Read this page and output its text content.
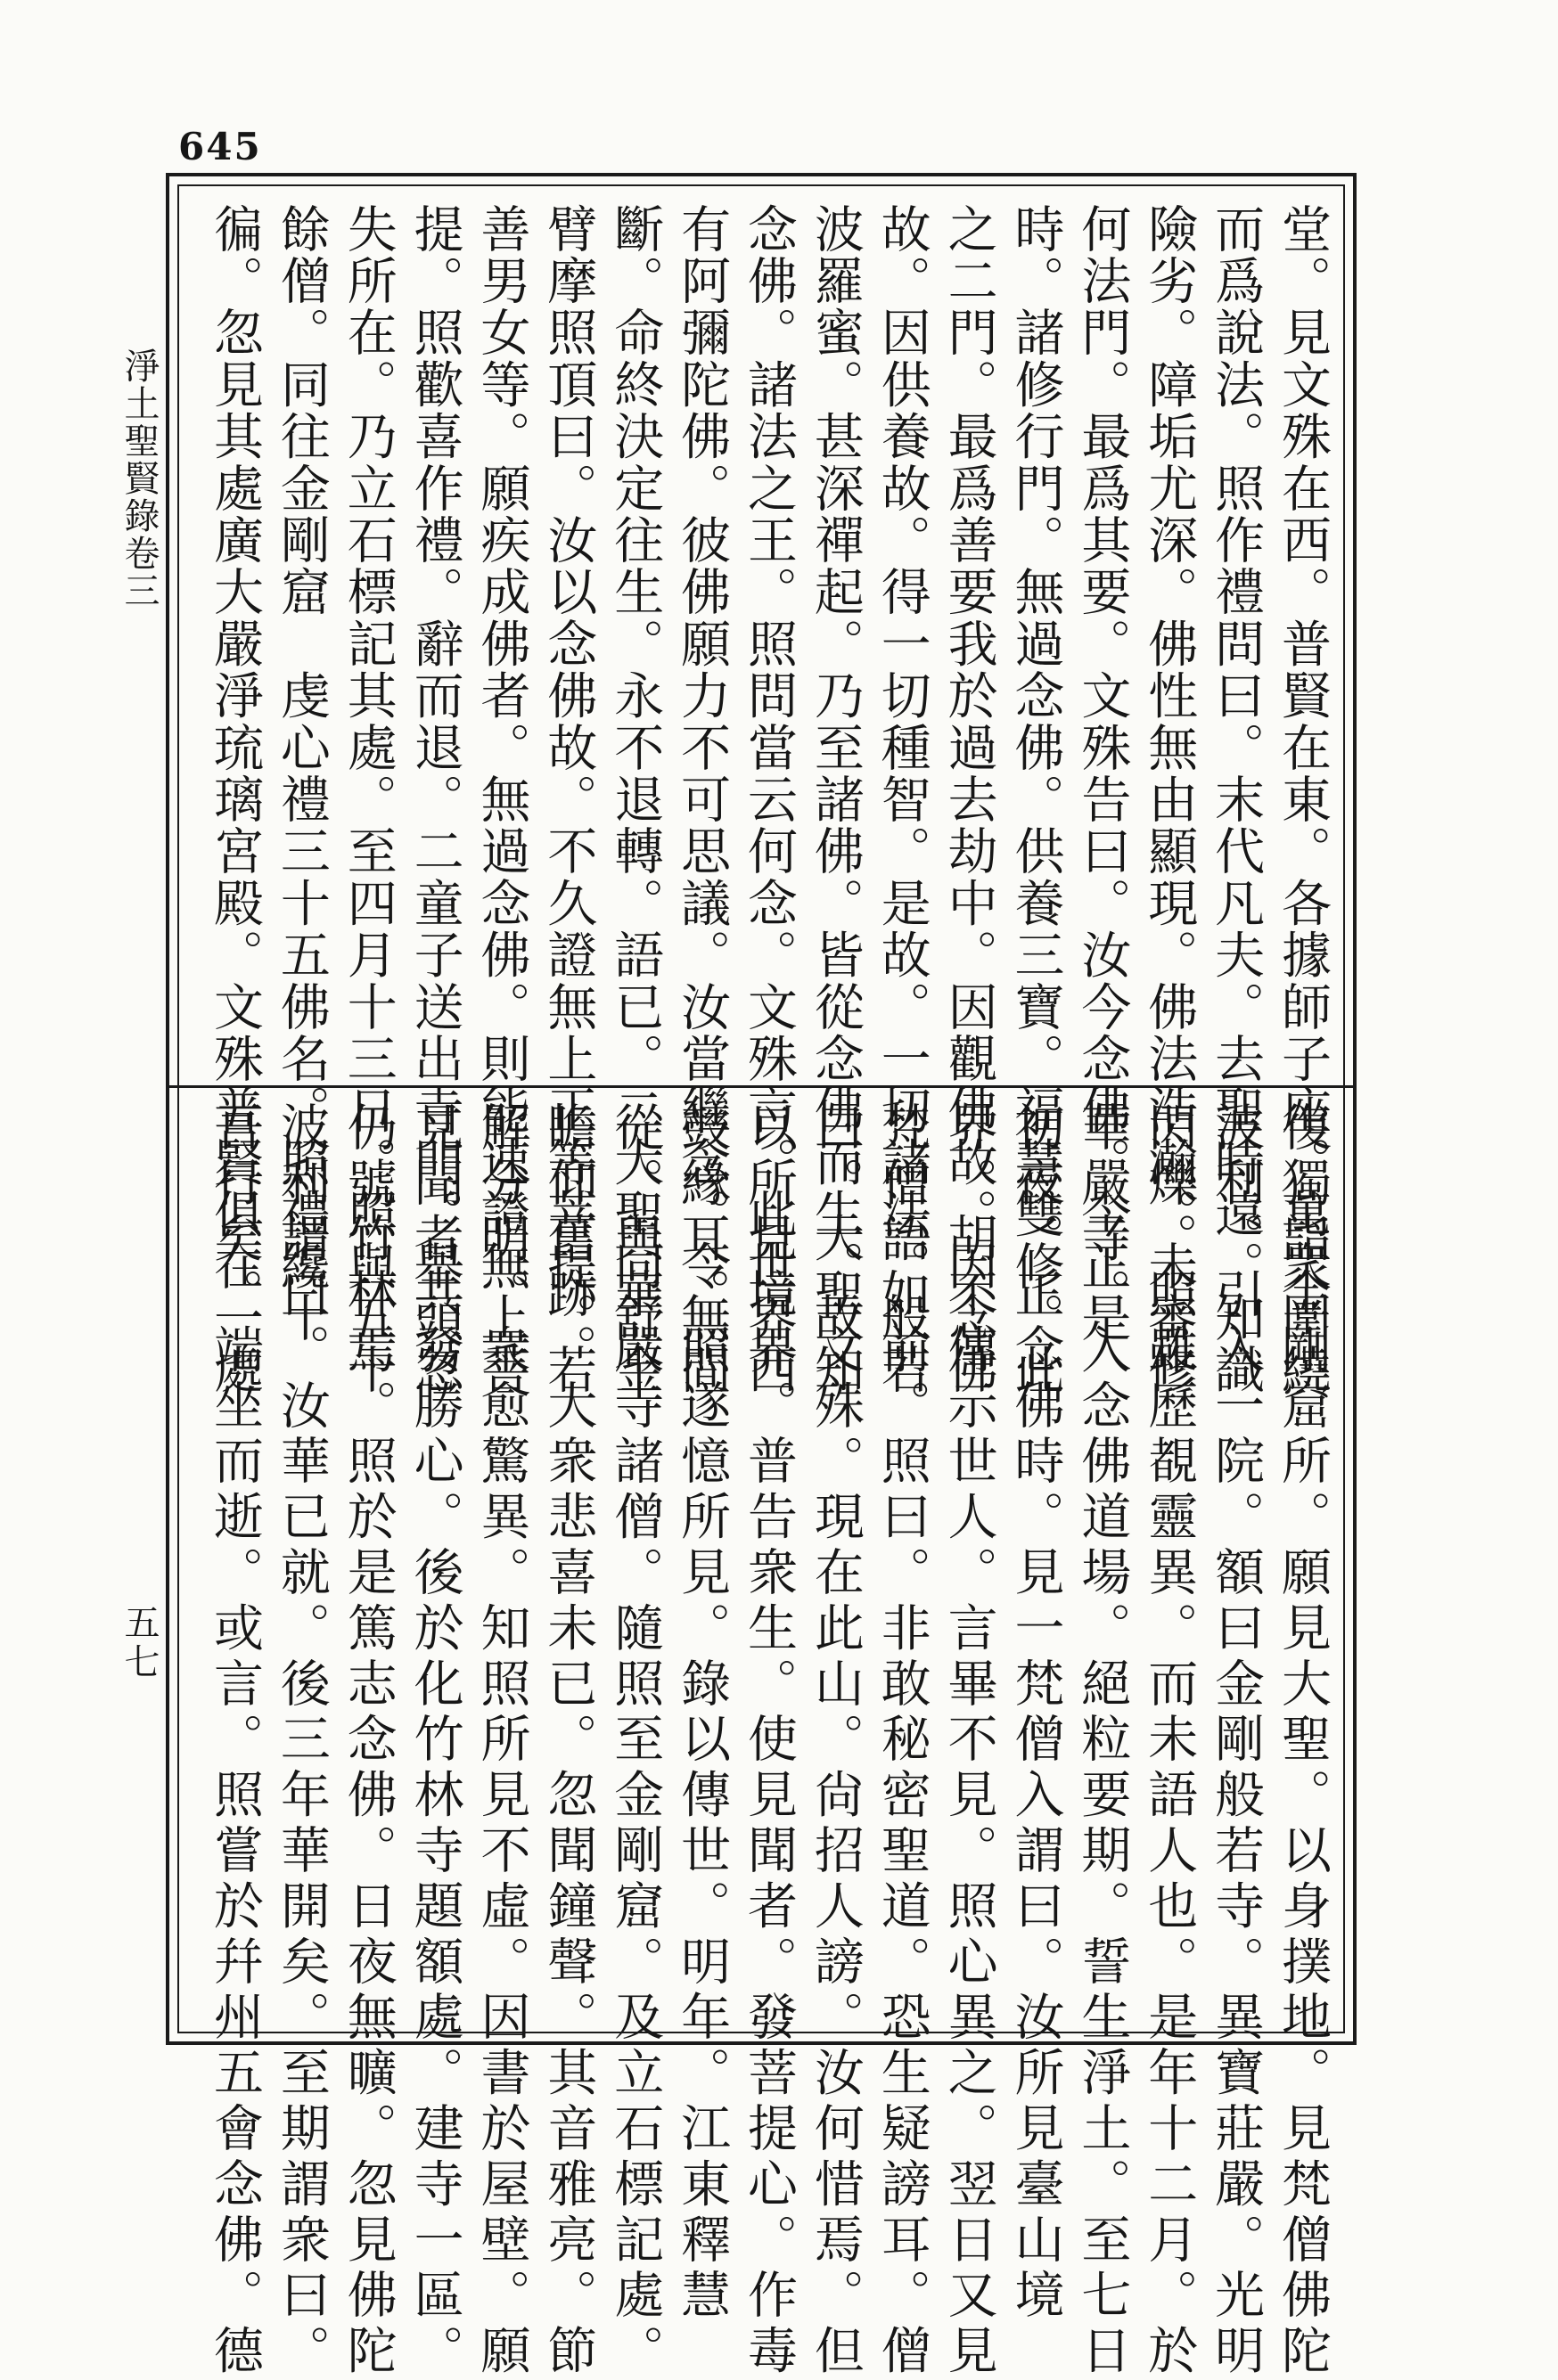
645
淨土聖賢錄卷三
五七
堂。見文殊在西。普賢在東。各據師子座。萬衆圍繞
而爲說法。照作禮問曰。末代凡夫。去聖時遠。知識
險劣。障垢尤深。佛性無由顯現。佛法浩瀚。未審修
何法門。最爲其要。文殊告曰。汝今念佛。今正是
時。諸修行門。無過念佛。供養三寶。福慧雙修。此
之二門。最爲善要我於過去劫中。因觀佛故。因念佛
故。因供養故。得一切種智。是故。一切諸法。般若
波羅蜜。甚深禪起。乃至諸佛。皆從念佛而生。故知
念佛。諸法之王。照問當云何念。文殊言。此世界西
有阿彌陀佛。彼佛願力不可思議。汝當繼念。令無間
斷。命終決定往生。永不退轉。語已。二大聖同舒金
臂摩照頂曰。汝以念佛故。不久證無上正等菩提。若
善男女等。願疾成佛者。無過念佛。則能速證無上菩
提。照歡喜作禮。辭而退。二童子送出寺門。舉頭忽
失所在。乃立石標記其處。至四月十三日。照與五十
餘僧。同往金剛窟　虔心禮三十五佛名。照禮纔十
徧。忽見其處廣大嚴淨琉璃宮殿。文殊普賢俱在一處
復獨詣金剛窟所。願見大聖。以身撲地。見梵僧佛陀
波利。引入一院。額曰金剛般若寺。異寶莊嚴。光明
閃爍。照雖歷覩靈異。而未語人也。是年十二月。於
華嚴寺。入念佛道場。絕粒要期。誓生淨土。至七日
初夜。正念佛時。見一梵僧入謂曰。汝所見臺山境
界。胡不傳示世人。言畢不見。照心異之。翌日又見
梵僧語如前。照曰。非敢秘密聖道。恐生疑謗耳。僧
曰。大聖文殊。現在此山。尙招人謗。汝何惜焉。但
以所見境界。普告衆生。使見聞者。發菩提心。作毒
鼓緣耳。照遂憶所見。錄以傳世。明年。江東釋慧
從。與華嚴寺諸僧。隨照至金剛窟。及立石標記處。
瞻仰舊跡。大衆悲喜未已。忽聞鐘聲。其音雅亮。節
解分明。衆愈驚異。知照所見不虛。因書於屋壁。願
見聞者共發勝心。後於化竹林寺題額處。建寺一區。
仍號竹林焉。照於是篤志念佛。日夜無曠。忽見佛陀
波利謂曰。汝華已就。後三年華開矣。至期謂衆曰。
吾行矣。端坐而逝。或言。照嘗於幷州五會念佛。德
